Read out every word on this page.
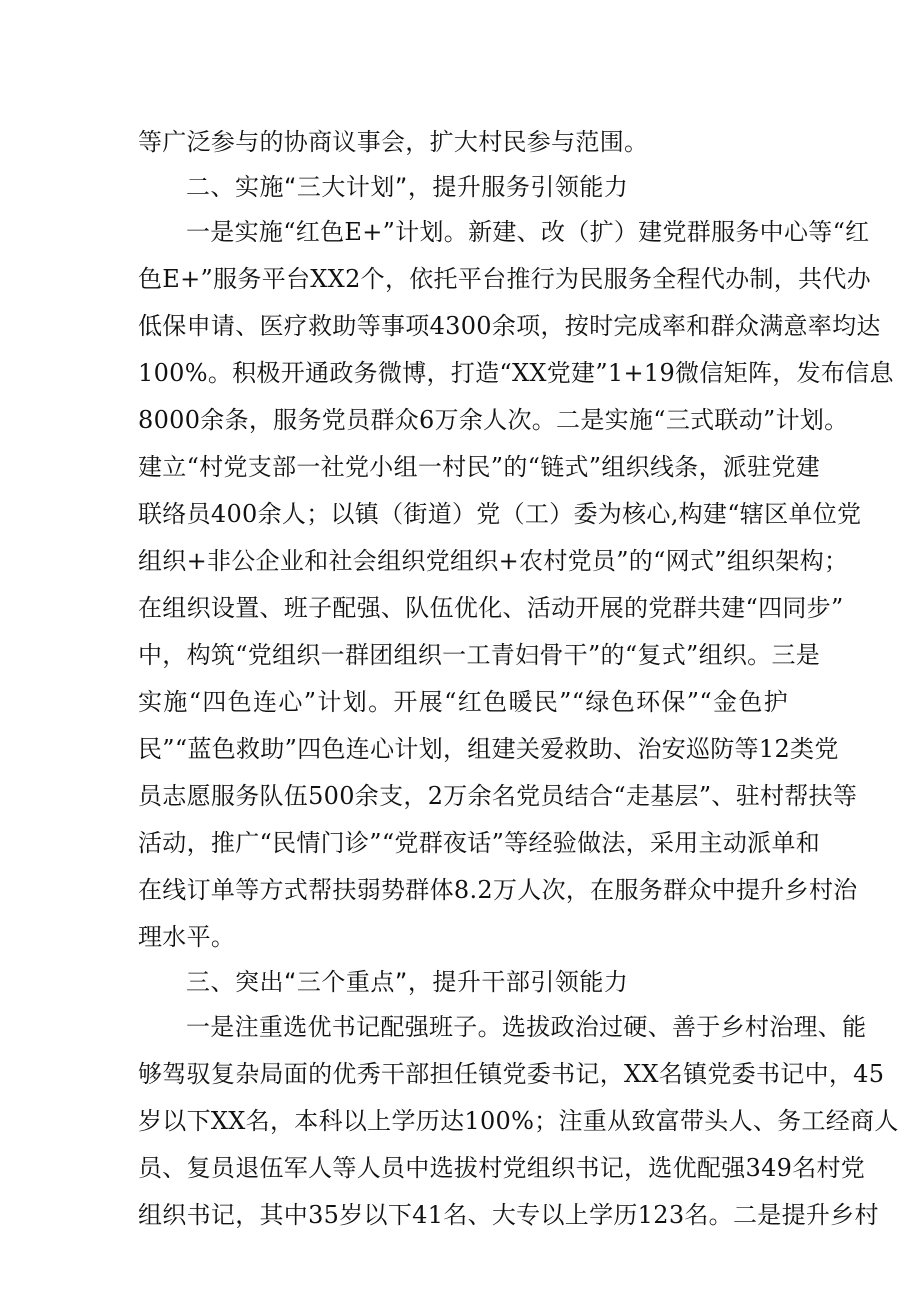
等广泛参与的协商议事会，扩大村民参与范围。
二、实施“三大计划”，提升服务引领能力
一是实施“红色E+”计划。新建、改（扩）建党群服务中心等“红
色E+”服务平台XX2个，依托平台推行为民服务全程代办制，共代办
低保申请、医疗救助等事项4300余项，按时完成率和群众满意率均达
100%。积极开通政务微博，打造“XX党建”1+19微信矩阵，发布信息
8000余条，服务党员群众6万余人次。二是实施“三式联动”计划。
建立“村党支部一社党小组一村民”的“链式”组织线条，派驻党建
联络员400余人；以镇（街道）党（工）委为核心,构建“辖区单位党
组织+非公企业和社会组织党组织+农村党员”的“网式”组织架构；
在组织设置、班子配强、队伍优化、活动开展的党群共建“四同步”
中，构筑“党组织一群团组织一工青妇骨干”的“复式”组织。三是
实施“四色连心”计划。开展“红色暖民”“绿色环保”“金色护
民”“蓝色救助”四色连心计划，组建关爱救助、治安巡防等12类党
员志愿服务队伍500余支，2万余名党员结合“走基层”、驻村帮扶等
活动，推广“民情门诊”“党群夜话”等经验做法，采用主动派单和
在线订单等方式帮扶弱势群体8.2万人次，在服务群众中提升乡村治
理水平。
三、突出“三个重点”，提升干部引领能力
一是注重选优书记配强班子。选拔政治过硬、善于乡村治理、能
够驾驭复杂局面的优秀干部担任镇党委书记，XX名镇党委书记中，45
岁以下XX名，本科以上学历达100%；注重从致富带头人、务工经商人
员、复员退伍军人等人员中选拔村党组织书记，选优配强349名村党
组织书记，其中35岁以下41名、大专以上学历123名。二是提升乡村
